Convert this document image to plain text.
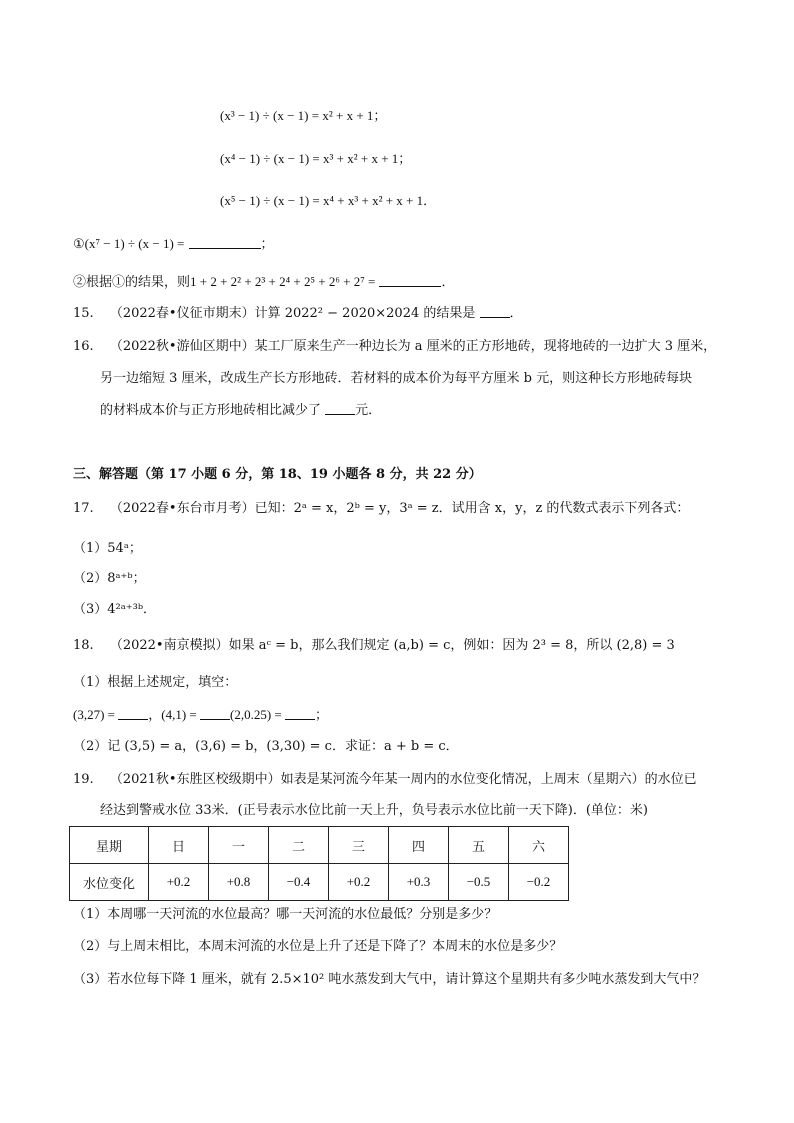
(x³ − 1) ÷ (x − 1) = x² + x + 1；
(x⁴ − 1) ÷ (x − 1) = x³ + x² + x + 1；
(x⁵ − 1) ÷ (x − 1) = x⁴ + x³ + x² + x + 1．
①(x⁷ − 1) ÷ (x − 1) =	；
②根据①的结果，则1 + 2 + 2² + 2³ + 2⁴ + 2⁵ + 2⁶ + 2⁷ =	．
15. （2022春•仪征市期末）计算 2022² − 2020×2024 的结果是	．
16. （2022秋•游仙区期中）某工厂原来生产一种边长为 a 厘米的正方形地砖，现将地砖的一边扩大 3 厘米，
另一边缩短 3 厘米，改成生产长方形地砖．若材料的成本价为每平方厘米 b 元，则这种长方形地砖每块
的材料成本价与正方形地砖相比减少了	元．
三、解答题（第 17 小题 6 分，第 18、19 小题各 8 分，共 22 分）
17. （2022春•东台市月考）已知：2ᵃ = x，2ᵇ = y，3ᵃ = z．试用含 x，y，z 的代数式表示下列各式：
（1）54ᵃ；
（2）8ᵃ⁺ᵇ；
（3）4²ᵃ⁺³ᵇ．
18. （2022•南京模拟）如果 aᶜ = b，那么我们规定 (a,b) = c，例如：因为 2³ = 8，所以 (2,8) = 3
（1）根据上述规定，填空：
(3,27) =	，(4,1) =	(2,0.25) =	；
（2）记 (3,5) = a，(3,6) = b，(3,30) = c．求证：a + b = c．
19. （2021秋•东胜区校级期中）如表是某河流今年某一周内的水位变化情况，上周末（星期六）的水位已
经达到警戒水位 33米．(正号表示水位比前一天上升，负号表示水位比前一天下降)．(单位：米)
星期	日	一	二	三	四	五	六
水位变化	+0.2	+0.8	−0.4	+0.2	+0.3	−0.5	−0.2
（1）本周哪一天河流的水位最高？哪一天河流的水位最低？分别是多少？
（2）与上周末相比，本周末河流的水位是上升了还是下降了？本周末的水位是多少？
（3）若水位每下降 1 厘米，就有 2.5×10² 吨水蒸发到大气中，请计算这个星期共有多少吨水蒸发到大气中？
